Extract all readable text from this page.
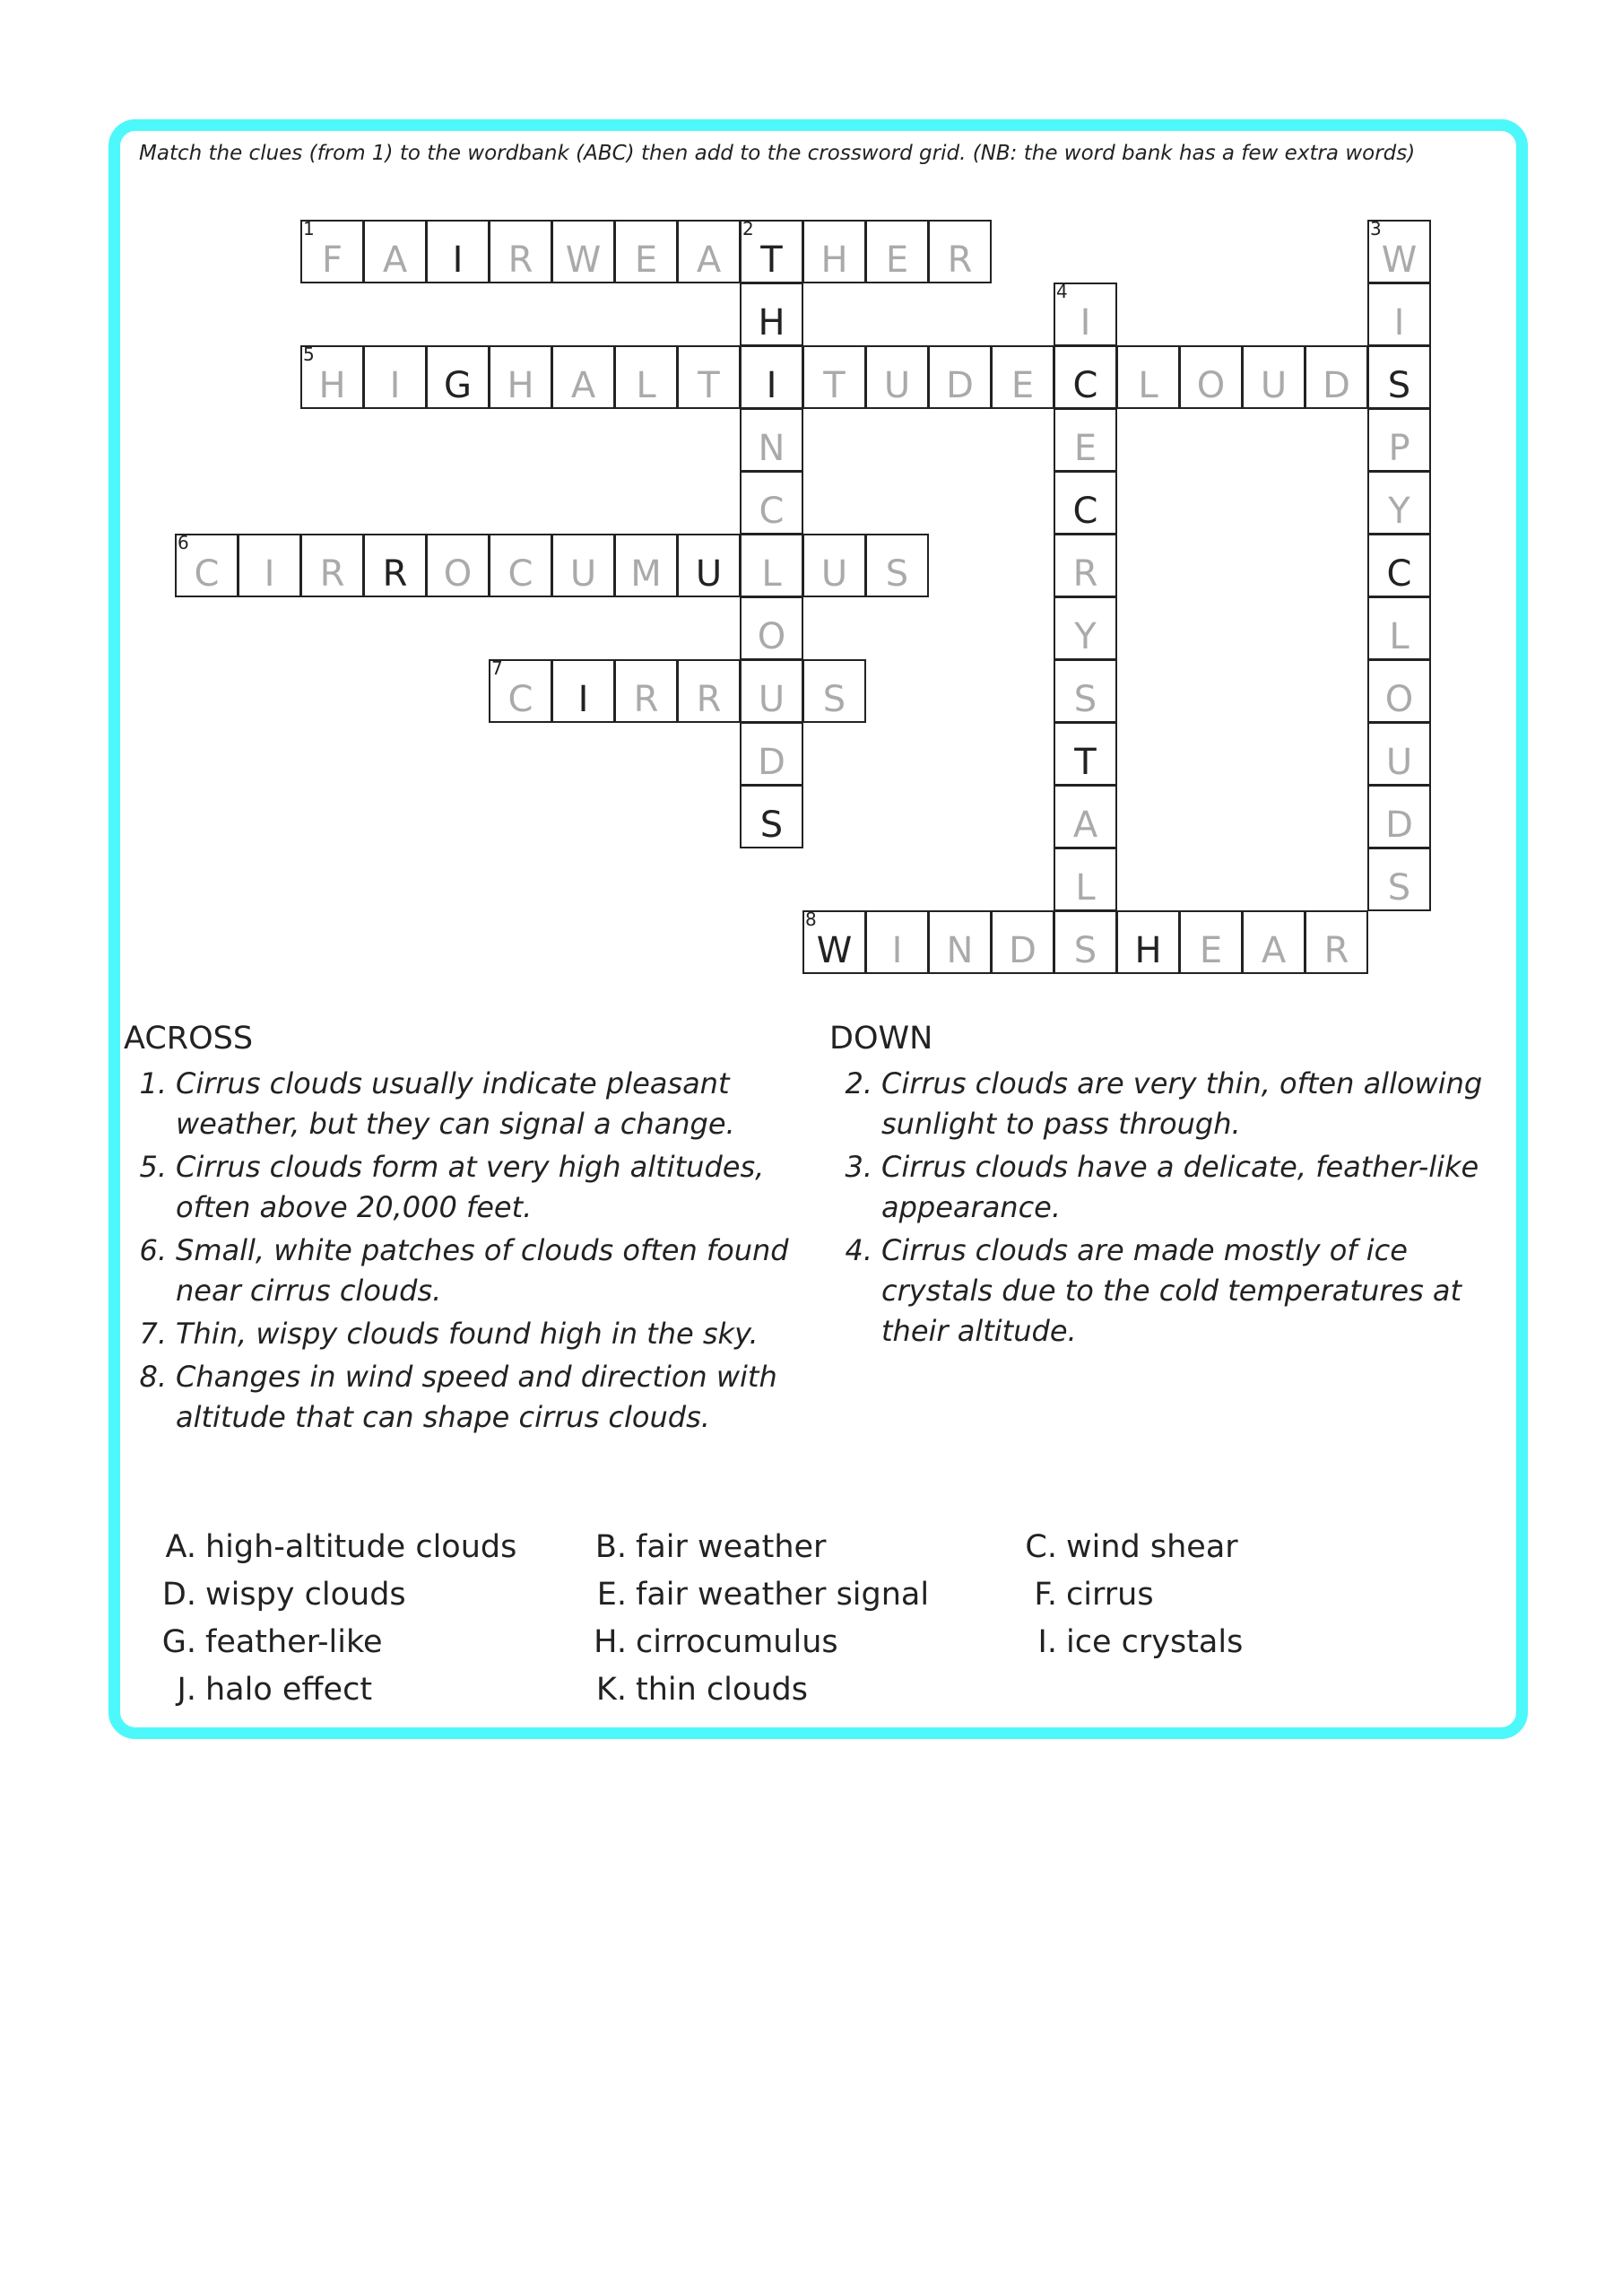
Match the clues (from 1) to the wordbank (ABC) then add to the crossword grid. (NB: the word bank has a few extra words)
1
F	A	I	R W E	A
2
T	H	E	R
5
H	I	G H	A	L	T	I	T	U D	E	C	L	O U D	S
6
C	I	R	R	O	C	U M U	L	U	S
7
C	I	R	R	U	S
8
W	I	N D	S	H	E	A	R
H
N
C
O
D
S
4
I
E
C
R
Y
S
T
A
L
3
W
I
P
Y
C
L
O
U
D
S
ACROSS
1. Cirrus clouds usually indicate pleasant weather, but they can signal a change.
5. Cirrus clouds form at very high altitudes, often above 20,000 feet.
6. Small, white patches of clouds often found near cirrus clouds.
7. Thin, wispy clouds found high in the sky.
8. Changes in wind speed and direction with altitude that can shape cirrus clouds.
DOWN
2. Cirrus clouds are very thin, often allowing sunlight to pass through.
3. Cirrus clouds have a delicate, feather-like appearance.
4. Cirrus clouds are made mostly of ice crystals due to the cold temperatures at their altitude.
A. high-altitude clouds	B. fair weather	C. wind shear
D. wispy clouds	E. fair weather signal	F. cirrus
G. feather-like	H. cirrocumulus	I. ice crystals
J. halo effect	K. thin clouds
